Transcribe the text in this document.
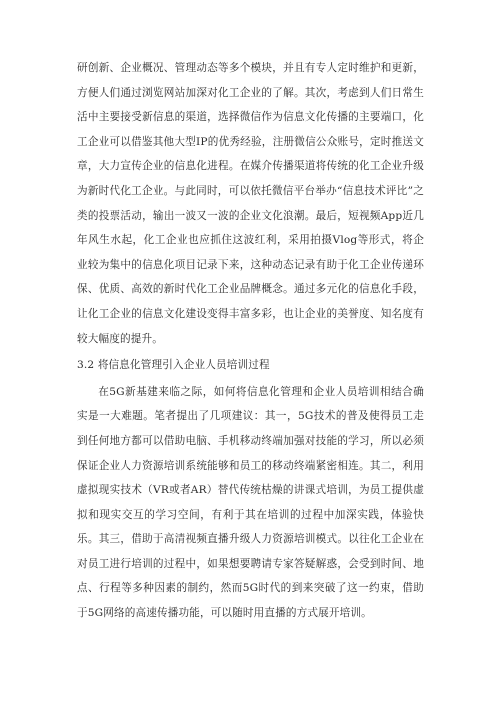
研创新、企业概况、管理动态等多个模块，并且有专人定时维护和更新，方便人们通过浏览网站加深对化工企业的了解。其次，考虑到人们日常生活中主要接受新信息的渠道，选择微信作为信息文化传播的主要端口，化工企业可以借鉴其他大型IP的优秀经验，注册微信公众账号，定时推送文章，大力宣传企业的信息化进程。在媒介传播渠道将传统的化工企业升级为新时代化工企业。与此同时，可以依托微信平台举办“信息技术评比”之类的投票活动，输出一波又一波的企业文化浪潮。最后，短视频App近几年风生水起，化工企业也应抓住这波红利，采用拍摄Vlog等形式，将企业较为集中的信息化项目记录下来，这种动态记录有助于化工企业传递环保、优质、高效的新时代化工企业品牌概念。通过多元化的信息化手段，让化工企业的信息文化建设变得丰富多彩，也让企业的美誉度、知名度有较大幅度的提升。

3.2 将信息化管理引入企业人员培训过程

在5G新基建来临之际，如何将信息化管理和企业人员培训相结合确实是一大难题。笔者提出了几项建议：其一，5G技术的普及使得员工走到任何地方都可以借助电脑、手机移动终端加强对技能的学习，所以必须保证企业人力资源培训系统能够和员工的移动终端紧密相连。其二，利用虚拟现实技术（VR或者AR）替代传统枯燥的讲课式培训，为员工提供虚拟和现实交互的学习空间，有利于其在培训的过程中加深实践，体验快乐。其三，借助于高清视频直播升级人力资源培训模式。以往化工企业在对员工进行培训的过程中，如果想要聘请专家答疑解惑，会受到时间、地点、行程等多种因素的制约，然而5G时代的到来突破了这一约束，借助于5G网络的高速传播功能，可以随时用直播的方式展开培训。
